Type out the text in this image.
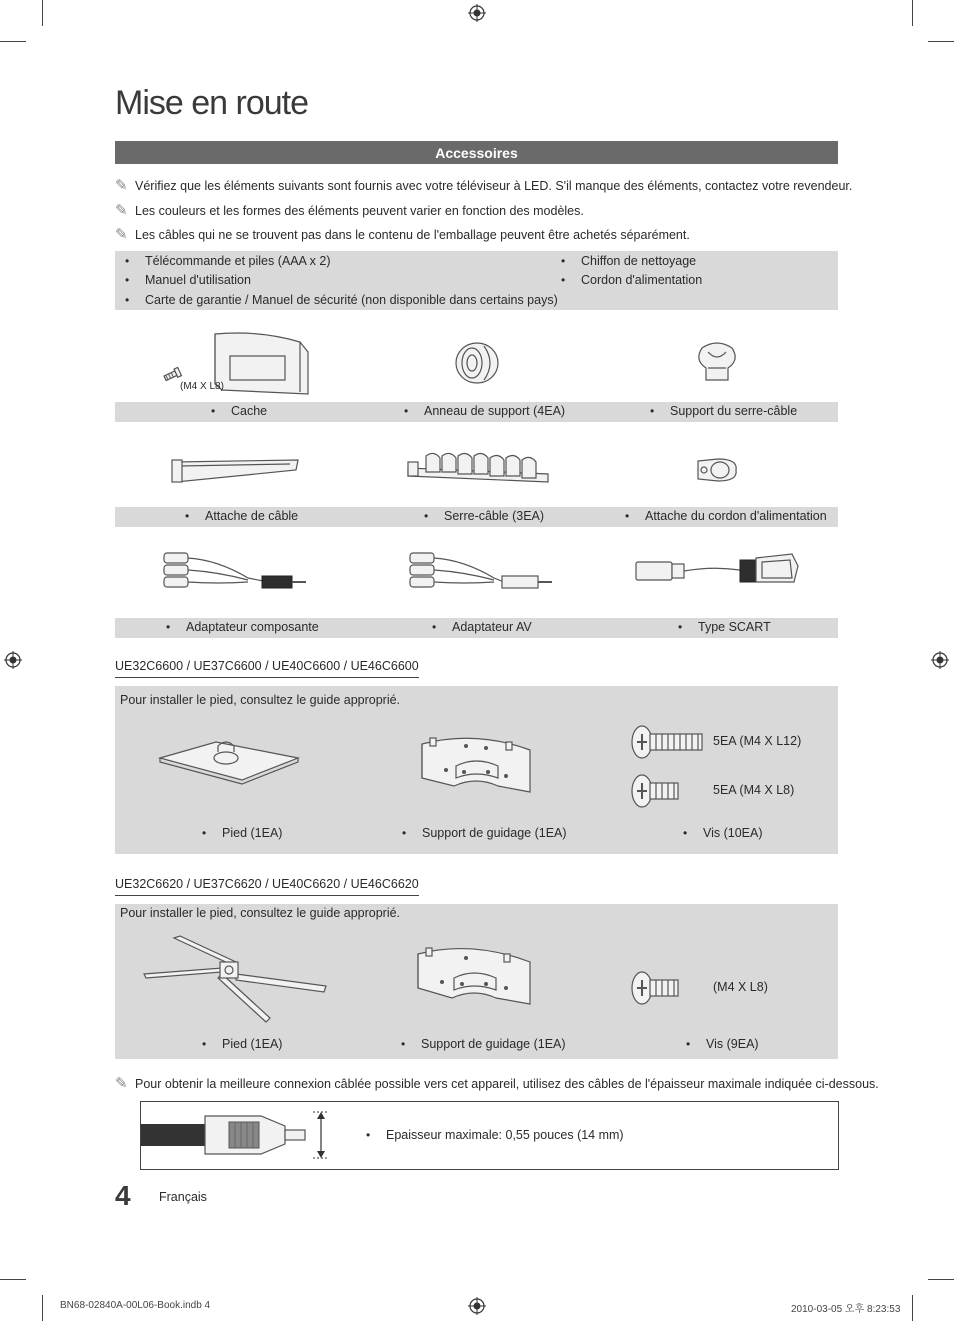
Mise en route
Accessoires
✎ Vérifiez que les éléments suivants sont fournis avec votre téléviseur à LED. S'il manque des éléments, contactez votre revendeur.
✎ Les couleurs et les formes des éléments peuvent varier en fonction des modèles.
✎ Les câbles qui ne se trouvent pas dans le contenu de l'emballage peuvent être achetés séparément.
• Télécommande et piles (AAA x 2)
• Manuel d'utilisation
• Carte de garantie / Manuel de sécurité (non disponible dans certains pays)
• Chiffon de nettoyage
• Cordon d'alimentation
(M4 X L8)
• Cache	• Anneau de support (4EA)	• Support du serre-câble
• Attache de câble	• Serre-câble (3EA)	• Attache du cordon d'alimentation
• Adaptateur composante	• Adaptateur AV	• Type SCART
UE32C6600 / UE37C6600 / UE40C6600 / UE46C6600
Pour installer le pied, consultez le guide approprié.
5EA (M4 X L12)
5EA (M4 X L8)
• Pied (1EA)	• Support de guidage (1EA)	• Vis (10EA)
UE32C6620 / UE37C6620 / UE40C6620 / UE46C6620
Pour installer le pied, consultez le guide approprié.
(M4 X L8)
• Pied (1EA)	• Support de guidage (1EA)	• Vis (9EA)
✎ Pour obtenir la meilleure connexion câblée possible vers cet appareil, utilisez des câbles de l'épaisseur maximale indiquée ci-dessous.
• Epaisseur maximale: 0,55 pouces (14 mm)
4 Français
BN68-02840A-00L06-Book.indb 4	2010-03-05 오후 8:23:53
